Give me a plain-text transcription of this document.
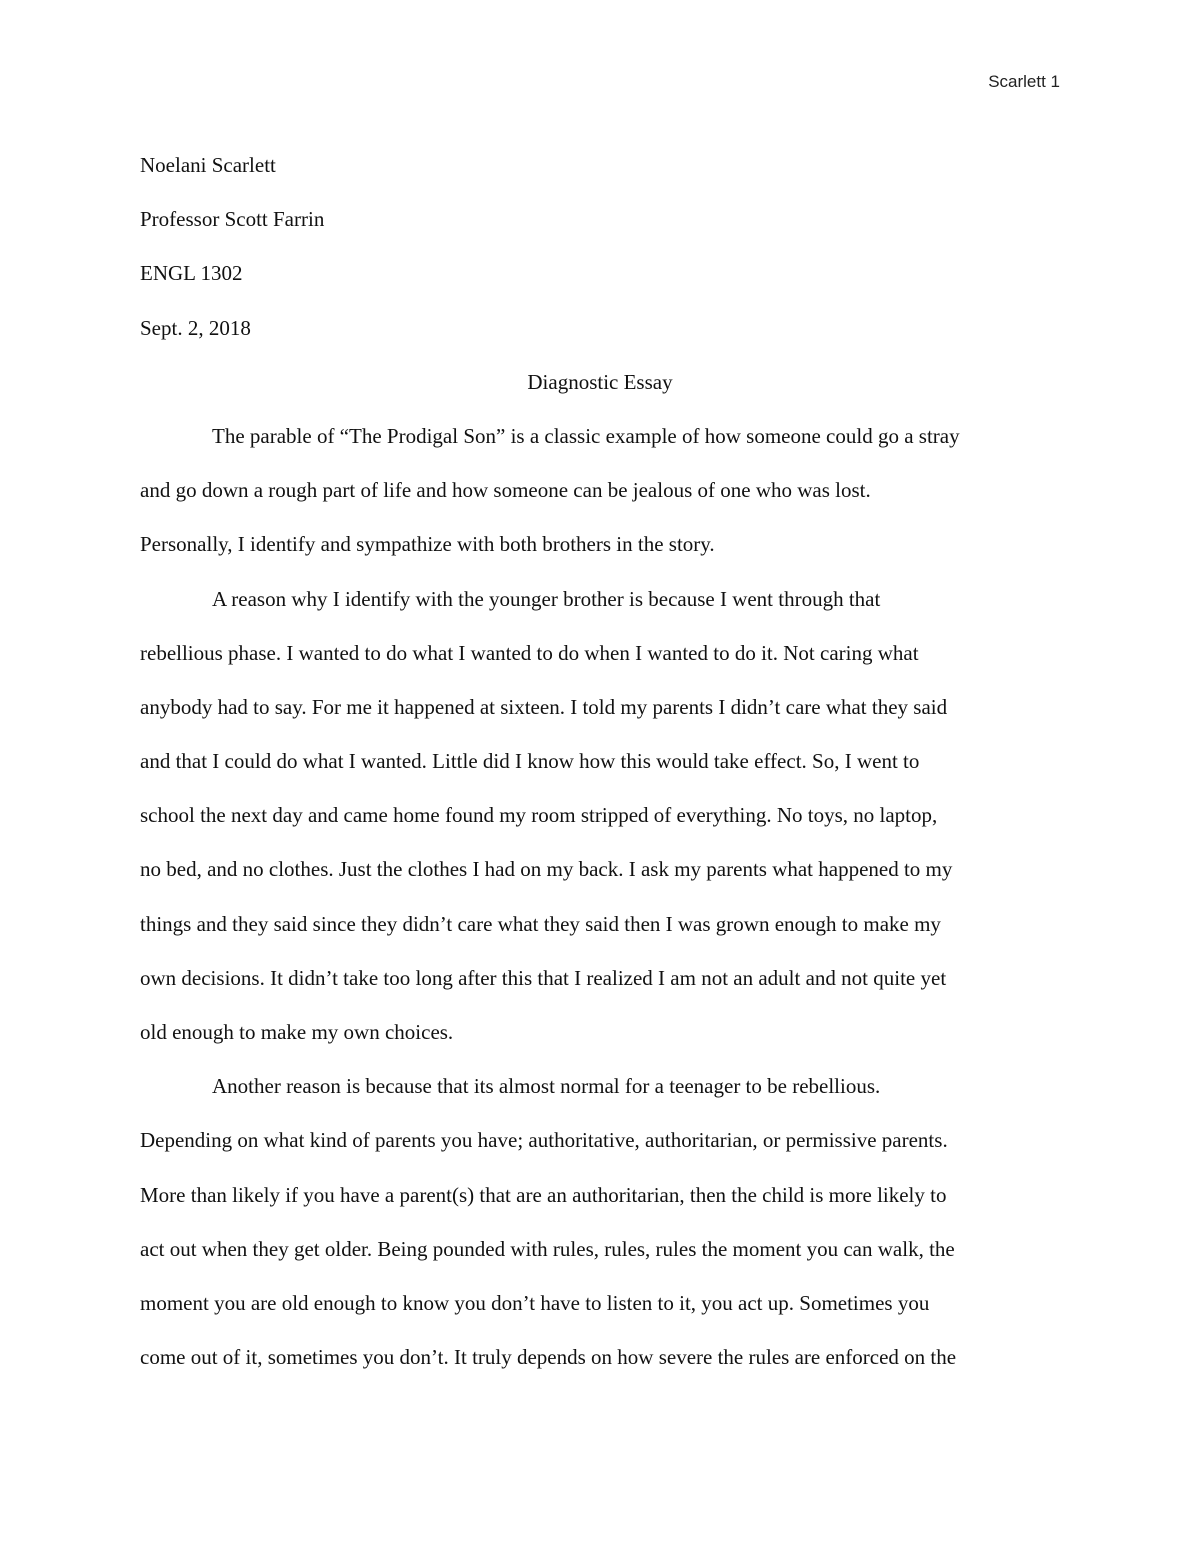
Scarlett 1
Noelani Scarlett
Professor Scott Farrin
ENGL 1302
Sept. 2, 2018
Diagnostic Essay
The parable of “The Prodigal Son” is a classic example of how someone could go a stray
and go down a rough part of life and how someone can be jealous of one who was lost.
Personally, I identify and sympathize with both brothers in the story.
A reason why I identify with the younger brother is because I went through that
rebellious phase. I wanted to do what I wanted to do when I wanted to do it. Not caring what
anybody had to say. For me it happened at sixteen. I told my parents I didn’t care what they said
and that I could do what I wanted. Little did I know how this would take effect. So, I went to
school the next day and came home found my room stripped of everything. No toys, no laptop,
no bed, and no clothes. Just the clothes I had on my back. I ask my parents what happened to my
things and they said since they didn’t care what they said then I was grown enough to make my
own decisions. It didn’t take too long after this that I realized I am not an adult and not quite yet
old enough to make my own choices.
Another reason is because that its almost normal for a teenager to be rebellious.
Depending on what kind of parents you have; authoritative, authoritarian, or permissive parents.
More than likely if you have a parent(s) that are an authoritarian, then the child is more likely to
act out when they get older. Being pounded with rules, rules, rules the moment you can walk, the
moment you are old enough to know you don’t have to listen to it, you act up. Sometimes you
come out of it, sometimes you don’t. It truly depends on how severe the rules are enforced on the
